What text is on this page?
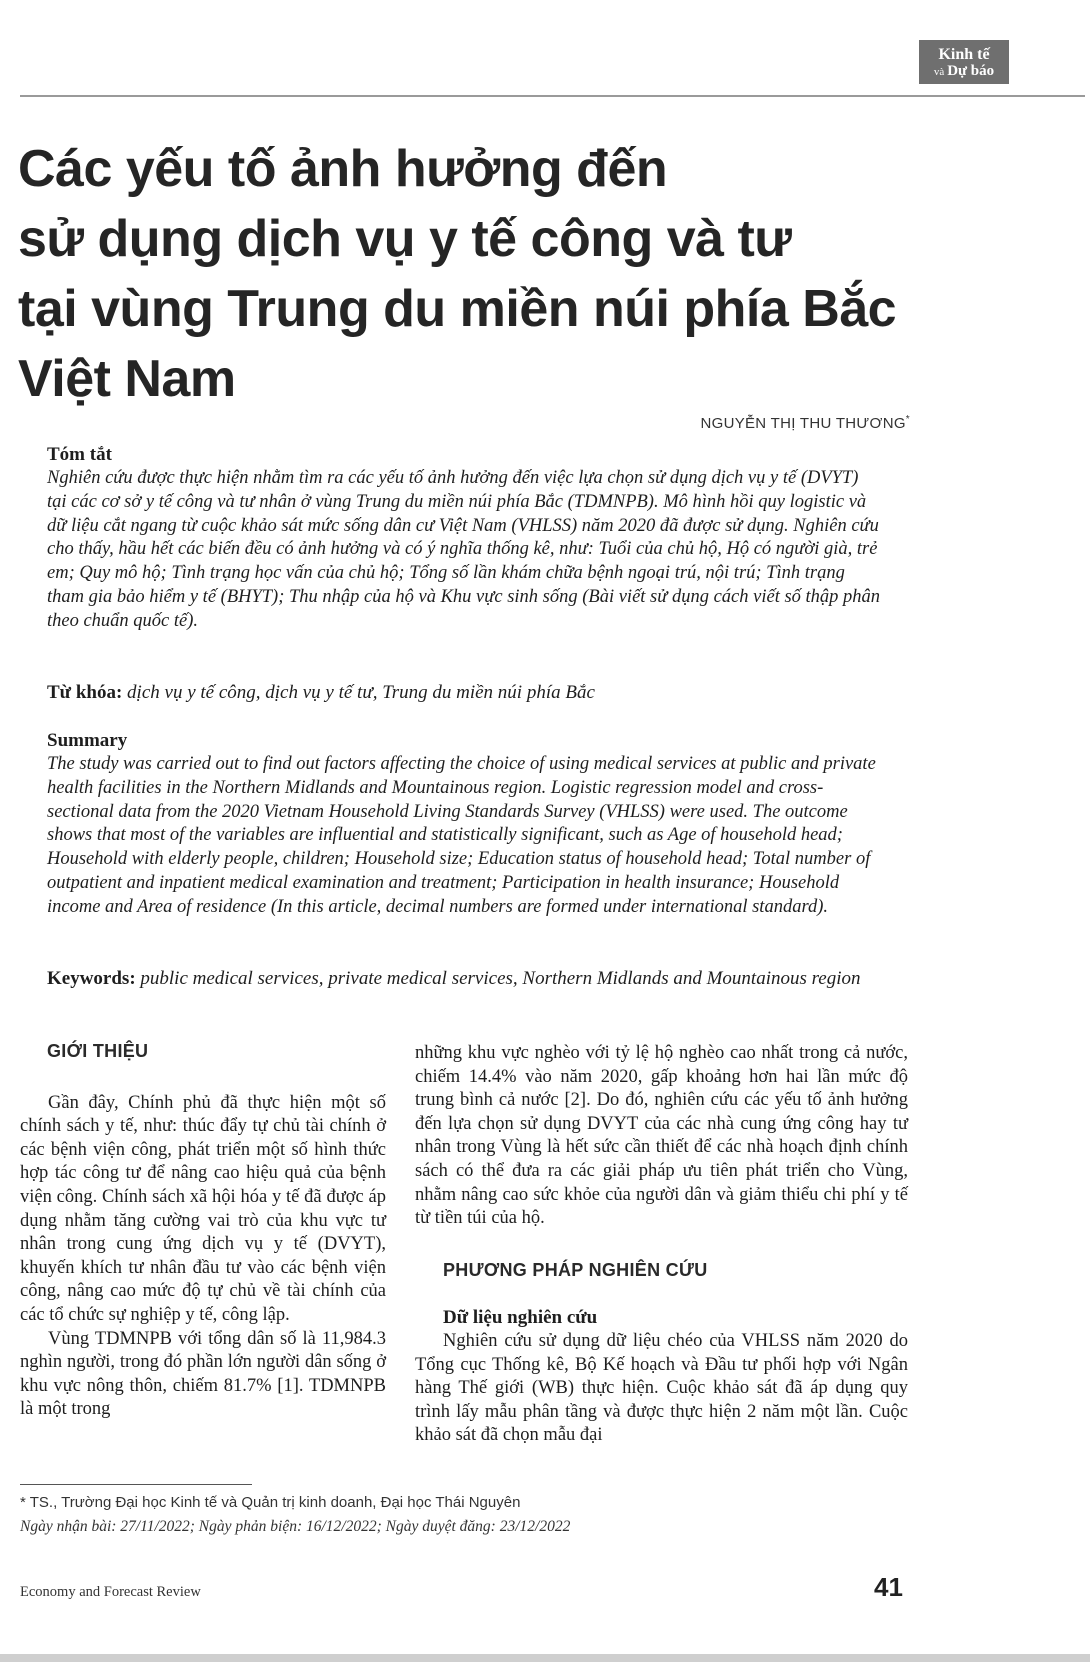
Kinh tế
và Dự báo
Các yếu tố ảnh hưởng đến
sử dụng dịch vụ y tế công và tư
tại vùng Trung du miền núi phía Bắc
Việt Nam
NGUYỄN THỊ THU THƯƠNG*
Tóm tắt

Nghiên cứu được thực hiện nhằm tìm ra các yếu tố ảnh hưởng đến việc lựa chọn sử dụng dịch vụ y tế (DVYT) tại các cơ sở y tế công và tư nhân ở vùng Trung du miền núi phía Bắc (TDMNPB). Mô hình hồi quy logistic và dữ liệu cắt ngang từ cuộc khảo sát mức sống dân cư Việt Nam (VHLSS) năm 2020 đã được sử dụng. Nghiên cứu cho thấy, hầu hết các biến đều có ảnh hưởng và có ý nghĩa thống kê, như: Tuổi của chủ hộ, Hộ có người già, trẻ em; Quy mô hộ; Tình trạng học vấn của chủ hộ; Tổng số lần khám chữa bệnh ngoại trú, nội trú; Tình trạng tham gia bảo hiểm y tế (BHYT); Thu nhập của hộ và Khu vực sinh sống (Bài viết sử dụng cách viết số thập phân theo chuẩn quốc tế).

Từ khóa: dịch vụ y tế công, dịch vụ y tế tư, Trung du miền núi phía Bắc
Summary

The study was carried out to find out factors affecting the choice of using medical services at public and private health facilities in the Northern Midlands and Mountainous region. Logistic regression model and cross-sectional data from the 2020 Vietnam Household Living Standards Survey (VHLSS) were used. The outcome shows that most of the variables are influential and statistically significant, such as Age of household head; Household with elderly people, children; Household size; Education status of household head; Total number of outpatient and inpatient medical examination and treatment; Participation in health insurance; Household income and Area of residence (In this article, decimal numbers are formed under international standard).

Keywords: public medical services, private medical services, Northern Midlands and Mountainous region
GIỚI THIỆU

Gần đây, Chính phủ đã thực hiện một số chính sách y tế, như: thúc đẩy tự chủ tài chính ở các bệnh viện công, phát triển một số hình thức hợp tác công tư để nâng cao hiệu quả của bệnh viện công. Chính sách xã hội hóa y tế đã được áp dụng nhằm tăng cường vai trò của khu vực tư nhân trong cung ứng dịch vụ y tế (DVYT), khuyến khích tư nhân đầu tư vào các bệnh viện công, nâng cao mức độ tự chủ về tài chính của các tổ chức sự nghiệp y tế, công lập.

Vùng TDMNPB với tổng dân số là 11,984.3 nghìn người, trong đó phần lớn người dân sống ở khu vực nông thôn, chiếm 81.7% [1]. TDMNPB là một trong

những khu vực nghèo với tỷ lệ hộ nghèo cao nhất trong cả nước, chiếm 14.4% vào năm 2020, gấp khoảng hơn hai lần mức độ trung bình cả nước [2]. Do đó, nghiên cứu các yếu tố ảnh hưởng đến lựa chọn sử dụng DVYT của các nhà cung ứng công hay tư nhân trong Vùng là hết sức cần thiết để các nhà hoạch định chính sách có thể đưa ra các giải pháp ưu tiên phát triển cho Vùng, nhằm nâng cao sức khỏe của người dân và giảm thiểu chi phí y tế từ tiền túi của hộ.
PHƯƠNG PHÁP NGHIÊN CỨU
Dữ liệu nghiên cứu

Nghiên cứu sử dụng dữ liệu chéo của VHLSS năm 2020 do Tổng cục Thống kê, Bộ Kế hoạch và Đầu tư phối hợp với Ngân hàng Thế giới (WB) thực hiện. Cuộc khảo sát đã áp dụng quy trình lấy mẫu phân tầng và được thực hiện 2 năm một lần. Cuộc khảo sát đã chọn mẫu đại

* TS., Trường Đại học Kinh tế và Quản trị kinh doanh, Đại học Thái Nguyên
Ngày nhận bài: 27/11/2022; Ngày phản biện: 16/12/2022; Ngày duyệt đăng: 23/12/2022
Economy and Forecast Review	41
